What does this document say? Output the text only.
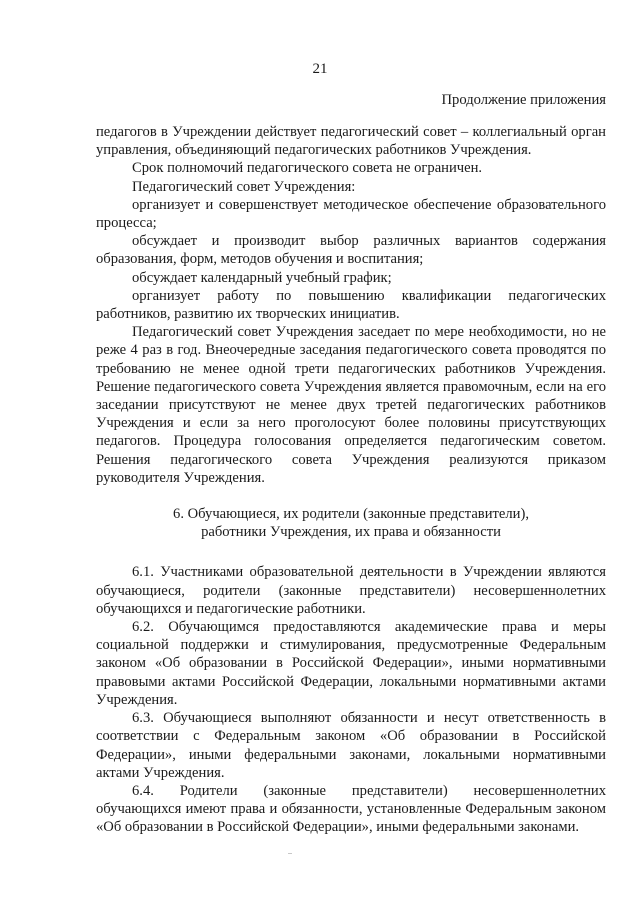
21
Продолжение приложения

педагогов в Учреждении действует педагогический совет – коллегиальный орган управления, объединяющий педагогических работников Учреждения.

Срок полномочий педагогического совета не ограничен.

Педагогический совет Учреждения:

организует и совершенствует методическое обеспечение образовательного процесса;

обсуждает и производит выбор различных вариантов содержания образования, форм, методов обучения и воспитания;

обсуждает календарный учебный график;

организует работу по повышению квалификации педагогических работников, развитию их творческих инициатив.

Педагогический совет Учреждения заседает по мере необходимости, но не реже 4 раз в год. Внеочередные заседания педагогического совета проводятся по требованию не менее одной трети педагогических работников Учреждения. Решение педагогического совета Учреждения является правомочным, если на его заседании присутствуют не менее двух третей педагогических работников Учреждения и если за него проголосуют более половины присутствующих педагогов. Процедура голосования определяется педагогическим советом. Решения педагогического совета Учреждения реализуются приказом руководителя Учреждения.

6. Обучающиеся, их родители (законные представители),
работники Учреждения, их права и обязанности

6.1. Участниками образовательной деятельности в Учреждении являются обучающиеся, родители (законные представители) несовершеннолетних обучающихся и педагогические работники.

6.2. Обучающимся предоставляются академические права и меры социальной поддержки и стимулирования, предусмотренные Федеральным законом «Об образовании в Российской Федерации», иными нормативными правовыми актами Российской Федерации, локальными нормативными актами Учреждения.

6.3. Обучающиеся выполняют обязанности и несут ответственность в соответствии с Федеральным законом «Об образовании в Российской Федерации», иными федеральными законами, локальными нормативными актами Учреждения.

6.4. Родители (законные представители) несовершеннолетних обучающихся имеют права и обязанности, установленные Федеральным законом «Об образовании в Российской Федерации», иными федеральными законами.
